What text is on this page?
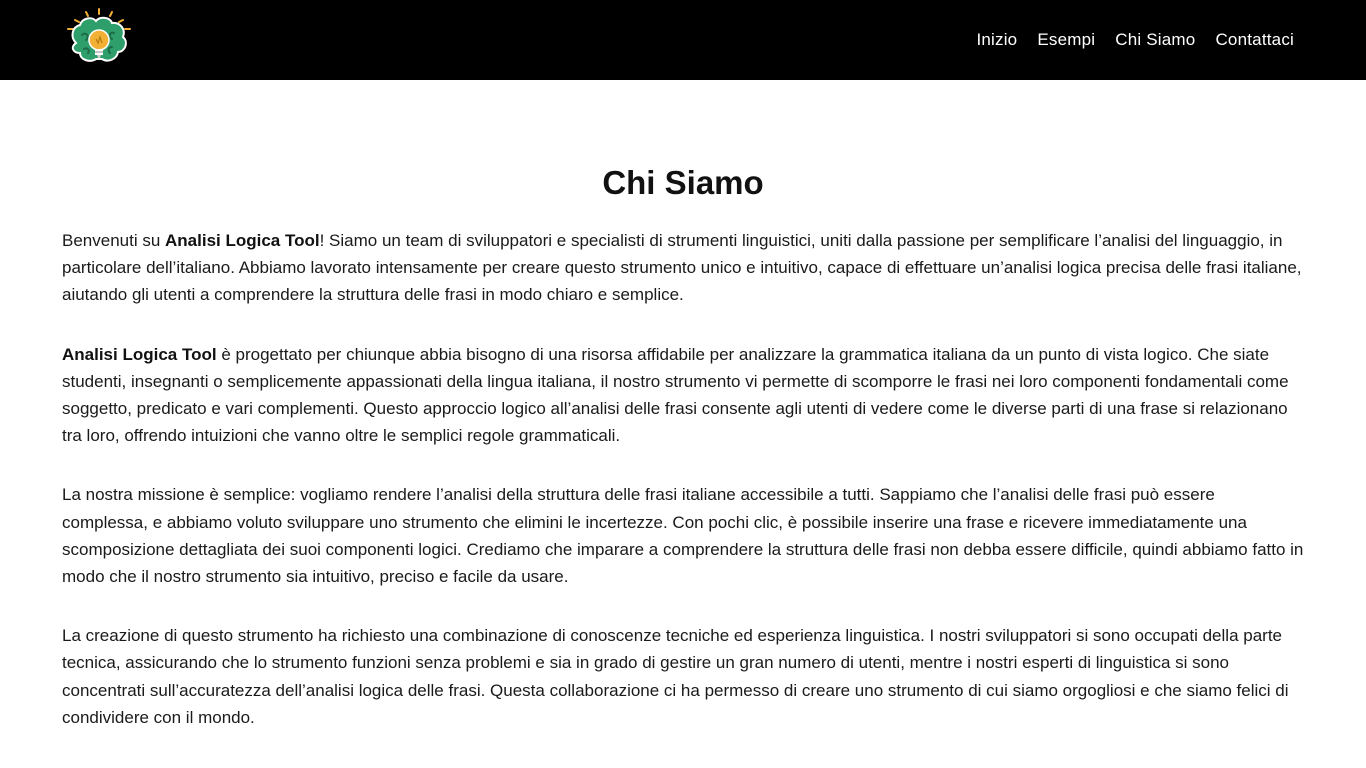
Inizio Esempi Chi Siamo Contattaci
Chi Siamo

Benvenuti su Analisi Logica Tool! Siamo un team di sviluppatori e specialisti di strumenti linguistici, uniti dalla passione per semplificare l’analisi del linguaggio, in particolare dell’italiano. Abbiamo lavorato intensamente per creare questo strumento unico e intuitivo, capace di effettuare un’analisi logica precisa delle frasi italiane, aiutando gli utenti a comprendere la struttura delle frasi in modo chiaro e semplice.

Analisi Logica Tool è progettato per chiunque abbia bisogno di una risorsa affidabile per analizzare la grammatica italiana da un punto di vista logico. Che siate studenti, insegnanti o semplicemente appassionati della lingua italiana, il nostro strumento vi permette di scomporre le frasi nei loro componenti fondamentali come soggetto, predicato e vari complementi. Questo approccio logico all’analisi delle frasi consente agli utenti di vedere come le diverse parti di una frase si relazionano tra loro, offrendo intuizioni che vanno oltre le semplici regole grammaticali.

La nostra missione è semplice: vogliamo rendere l’analisi della struttura delle frasi italiane accessibile a tutti. Sappiamo che l’analisi delle frasi può essere complessa, e abbiamo voluto sviluppare uno strumento che elimini le incertezze. Con pochi clic, è possibile inserire una frase e ricevere immediatamente una scomposizione dettagliata dei suoi componenti logici. Crediamo che imparare a comprendere la struttura delle frasi non debba essere difficile, quindi abbiamo fatto in modo che il nostro strumento sia intuitivo, preciso e facile da usare.

La creazione di questo strumento ha richiesto una combinazione di conoscenze tecniche ed esperienza linguistica. I nostri sviluppatori si sono occupati della parte tecnica, assicurando che lo strumento funzioni senza problemi e sia in grado di gestire un gran numero di utenti, mentre i nostri esperti di linguistica si sono concentrati sull’accuratezza dell’analisi logica delle frasi. Questa collaborazione ci ha permesso di creare uno strumento di cui siamo orgogliosi e che siamo felici di condividere con il mondo.
